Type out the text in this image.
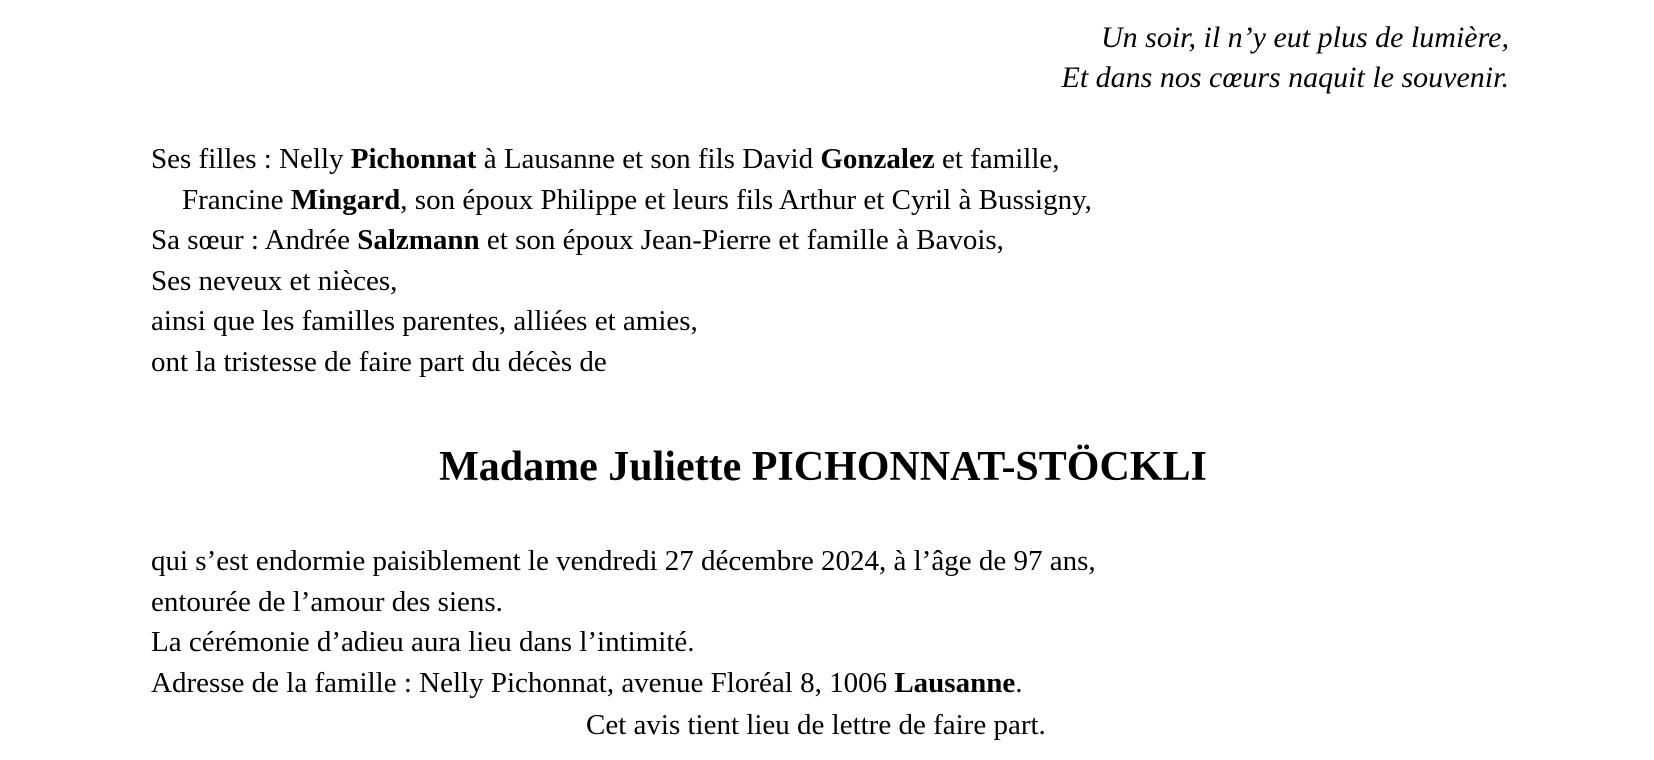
Un soir, il n’y eut plus de lumière,
Et dans nos cœurs naquit le souvenir.
Ses filles : Nelly Pichonnat à Lausanne et son fils David Gonzalez et famille,
Francine Mingard, son époux Philippe et leurs fils Arthur et Cyril à Bussigny,
Sa sœur : Andrée Salzmann et son époux Jean-Pierre et famille à Bavois,
Ses neveux et nièces,
ainsi que les familles parentes, alliées et amies,
ont la tristesse de faire part du décès de
Madame Juliette PICHONNAT-STÖCKLI
qui s’est endormie paisiblement le vendredi 27 décembre 2024, à l’âge de 97 ans,
entourée de l’amour des siens.
La cérémonie d’adieu aura lieu dans l’intimité.
Adresse de la famille : Nelly Pichonnat, avenue Floréal 8, 1006 Lausanne.
Cet avis tient lieu de lettre de faire part.
